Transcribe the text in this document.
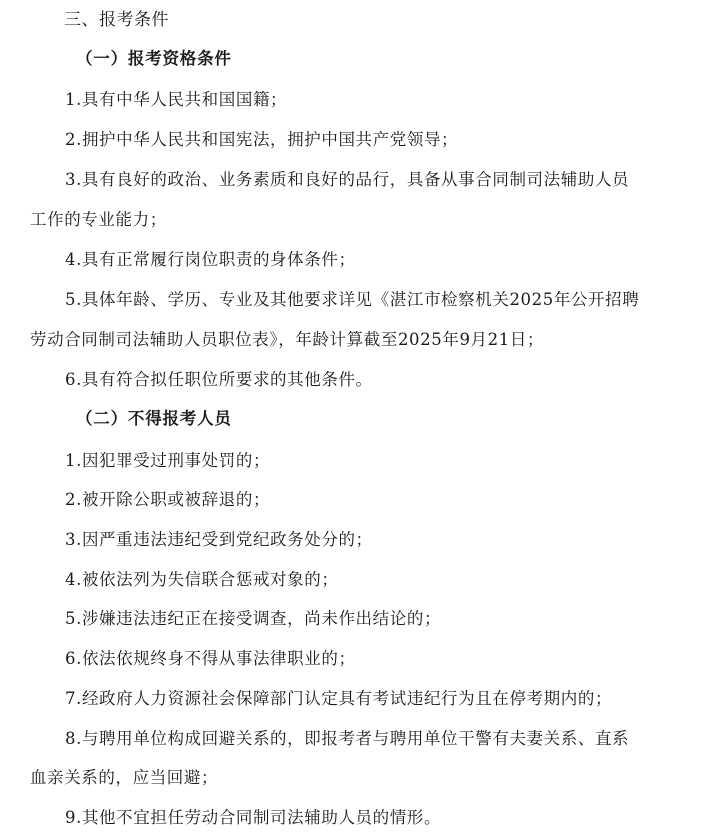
三、报考条件
（一）报考资格条件
1.具有中华人民共和国国籍；
2.拥护中华人民共和国宪法，拥护中国共产党领导；
3.具有良好的政治、业务素质和良好的品行，具备从事合同制司法辅助人员
工作的专业能力；
4.具有正常履行岗位职责的身体条件；
5.具体年龄、学历、专业及其他要求详见《湛江市检察机关2025年公开招聘
劳动合同制司法辅助人员职位表》，年龄计算截至2025年9月21日；
6.具有符合拟任职位所要求的其他条件。
（二）不得报考人员
1.因犯罪受过刑事处罚的；
2.被开除公职或被辞退的；
3.因严重违法违纪受到党纪政务处分的；
4.被依法列为失信联合惩戒对象的；
5.涉嫌违法违纪正在接受调查，尚未作出结论的；
6.依法依规终身不得从事法律职业的；
7.经政府人力资源社会保障部门认定具有考试违纪行为且在停考期内的；
8.与聘用单位构成回避关系的，即报考者与聘用单位干警有夫妻关系、直系
血亲关系的，应当回避；
9.其他不宜担任劳动合同制司法辅助人员的情形。
